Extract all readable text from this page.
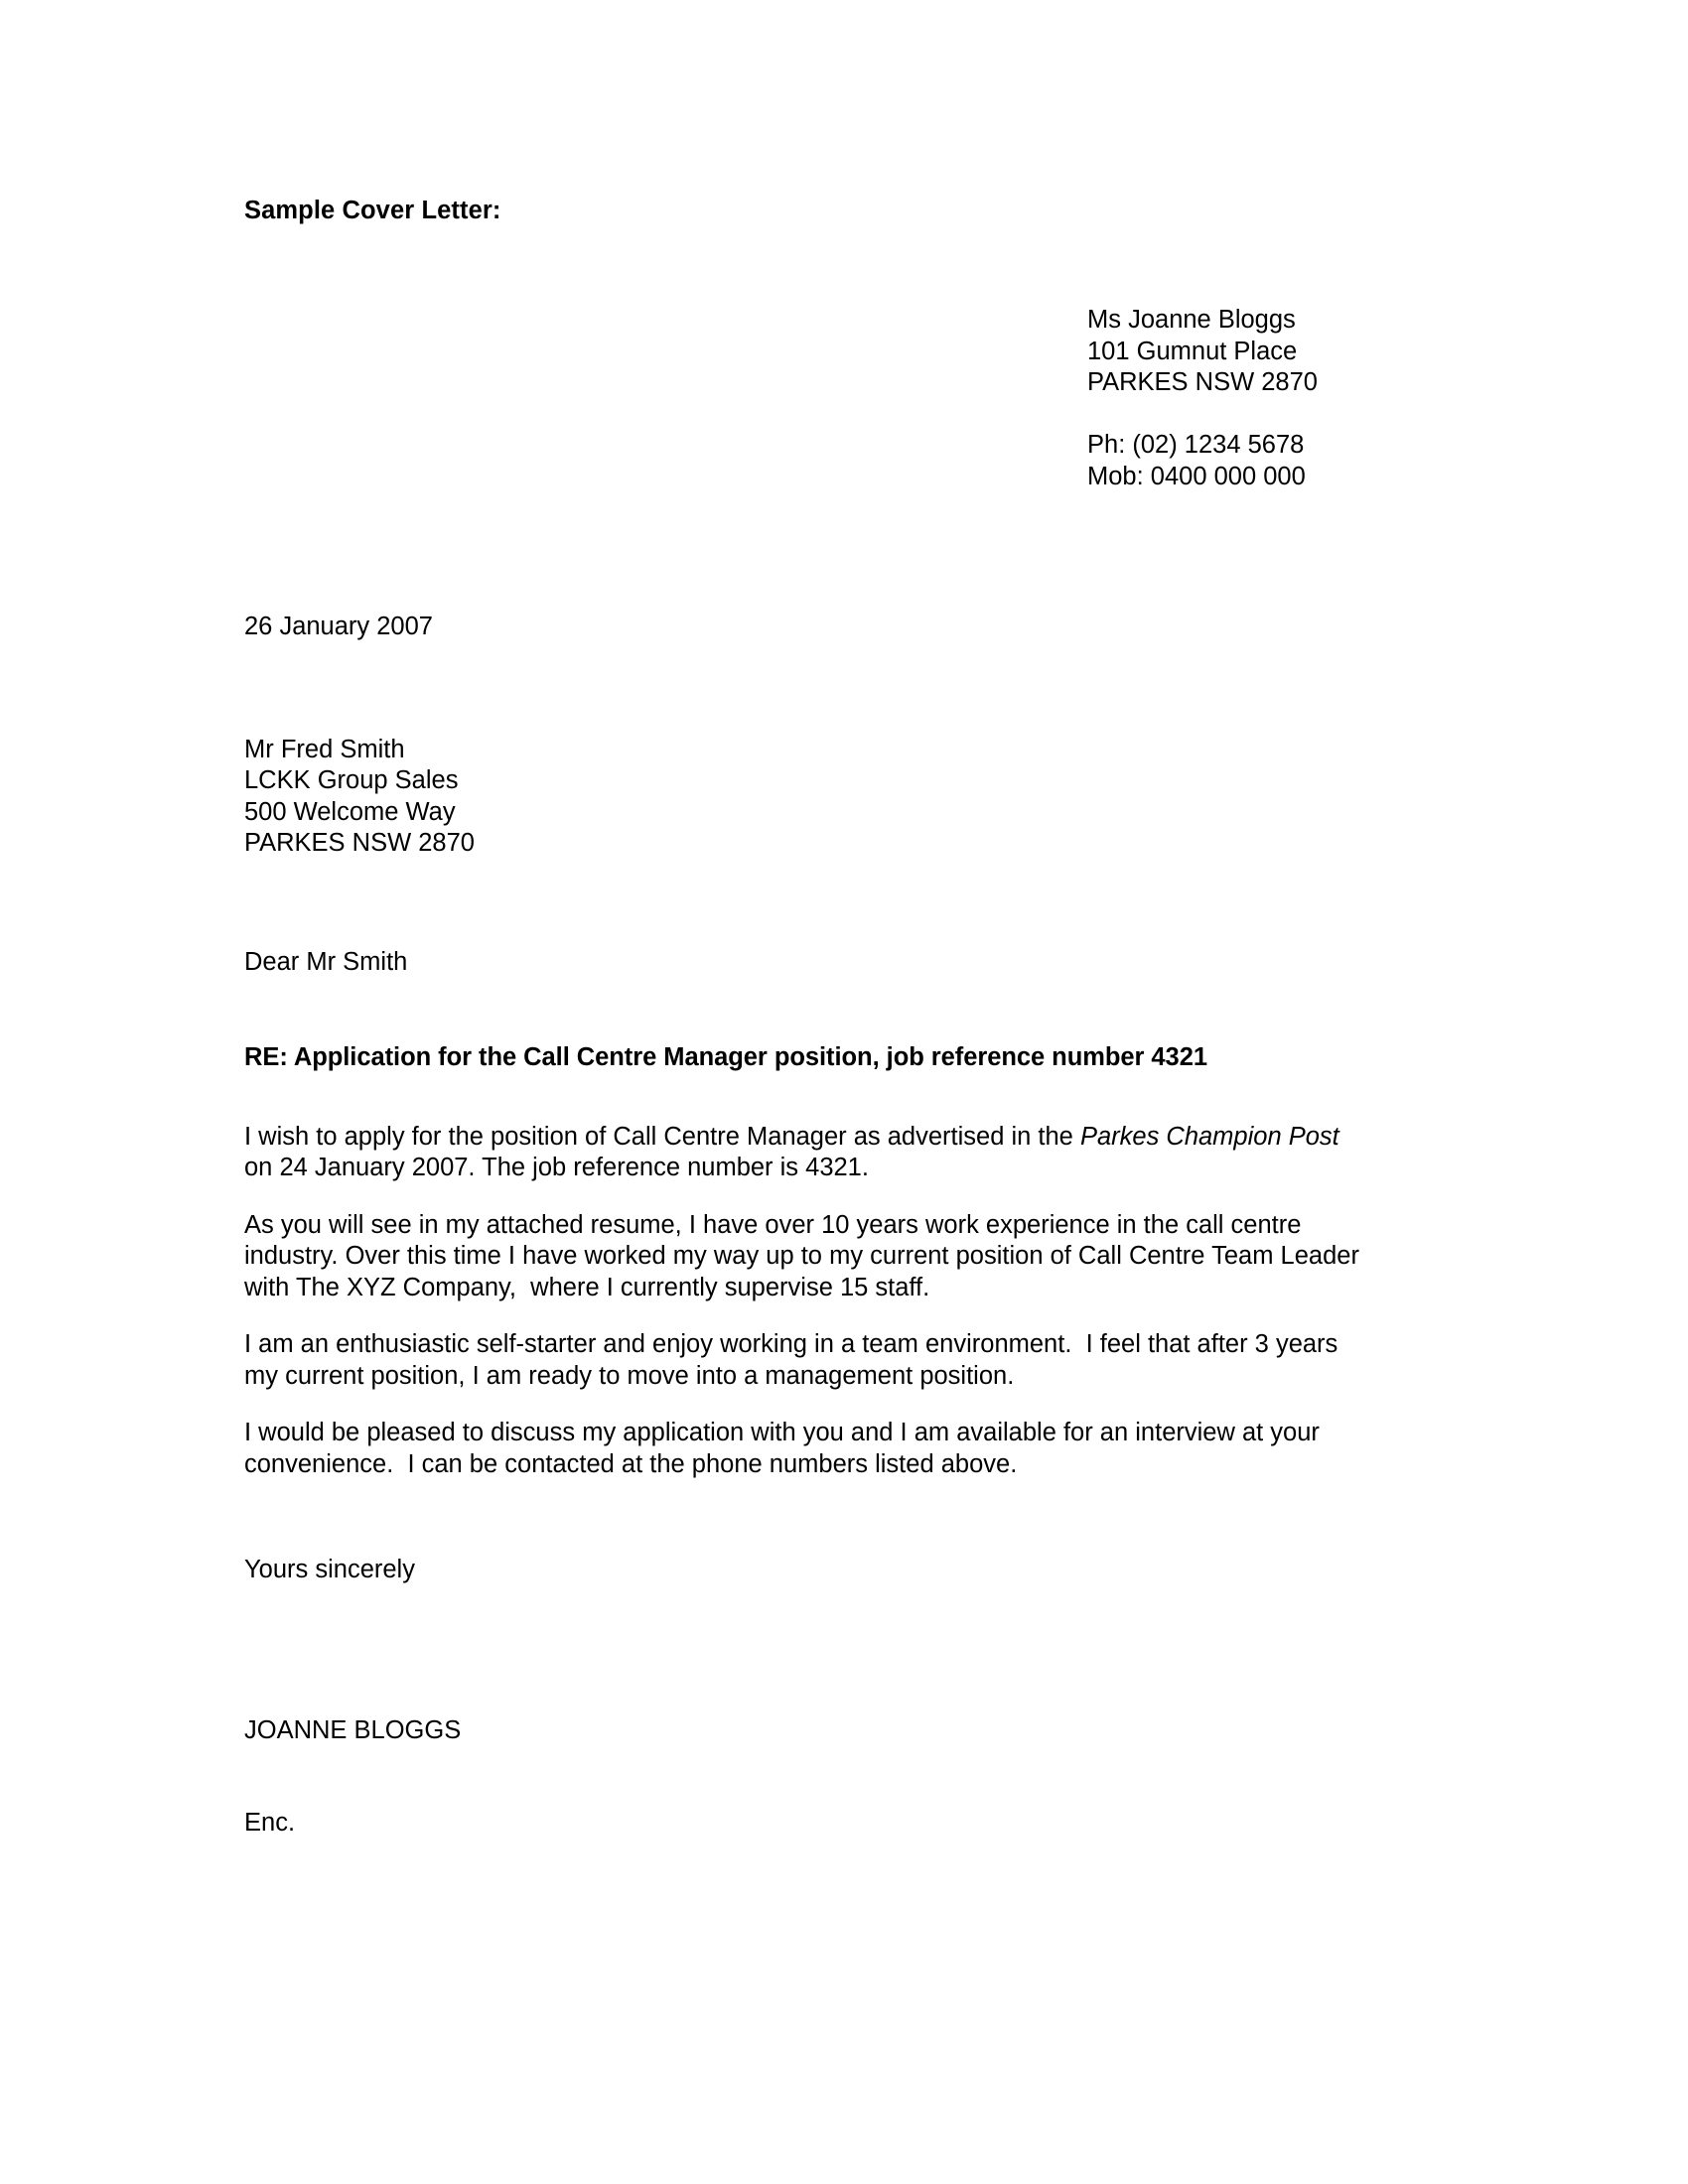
Sample Cover Letter:
Ms Joanne Bloggs
101 Gumnut Place
PARKES NSW 2870
Ph: (02) 1234 5678
Mob: 0400 000 000
26 January 2007
Mr Fred Smith
LCKK Group Sales
500 Welcome Way
PARKES NSW 2870
Dear Mr Smith
RE: Application for the Call Centre Manager position, job reference number 4321

I wish to apply for the position of Call Centre Manager as advertised in the Parkes Champion Post on 24 January 2007. The job reference number is 4321.

As you will see in my attached resume, I have over 10 years work experience in the call centre industry. Over this time I have worked my way up to my current position of Call Centre Team Leader with The XYZ Company,  where I currently supervise 15 staff.

I am an enthusiastic self-starter and enjoy working in a team environment.  I feel that after 3 years my current position, I am ready to move into a management position.

I would be pleased to discuss my application with you and I am available for an interview at your convenience.  I can be contacted at the phone numbers listed above.

Yours sincerely
JOANNE BLOGGS
Enc.
